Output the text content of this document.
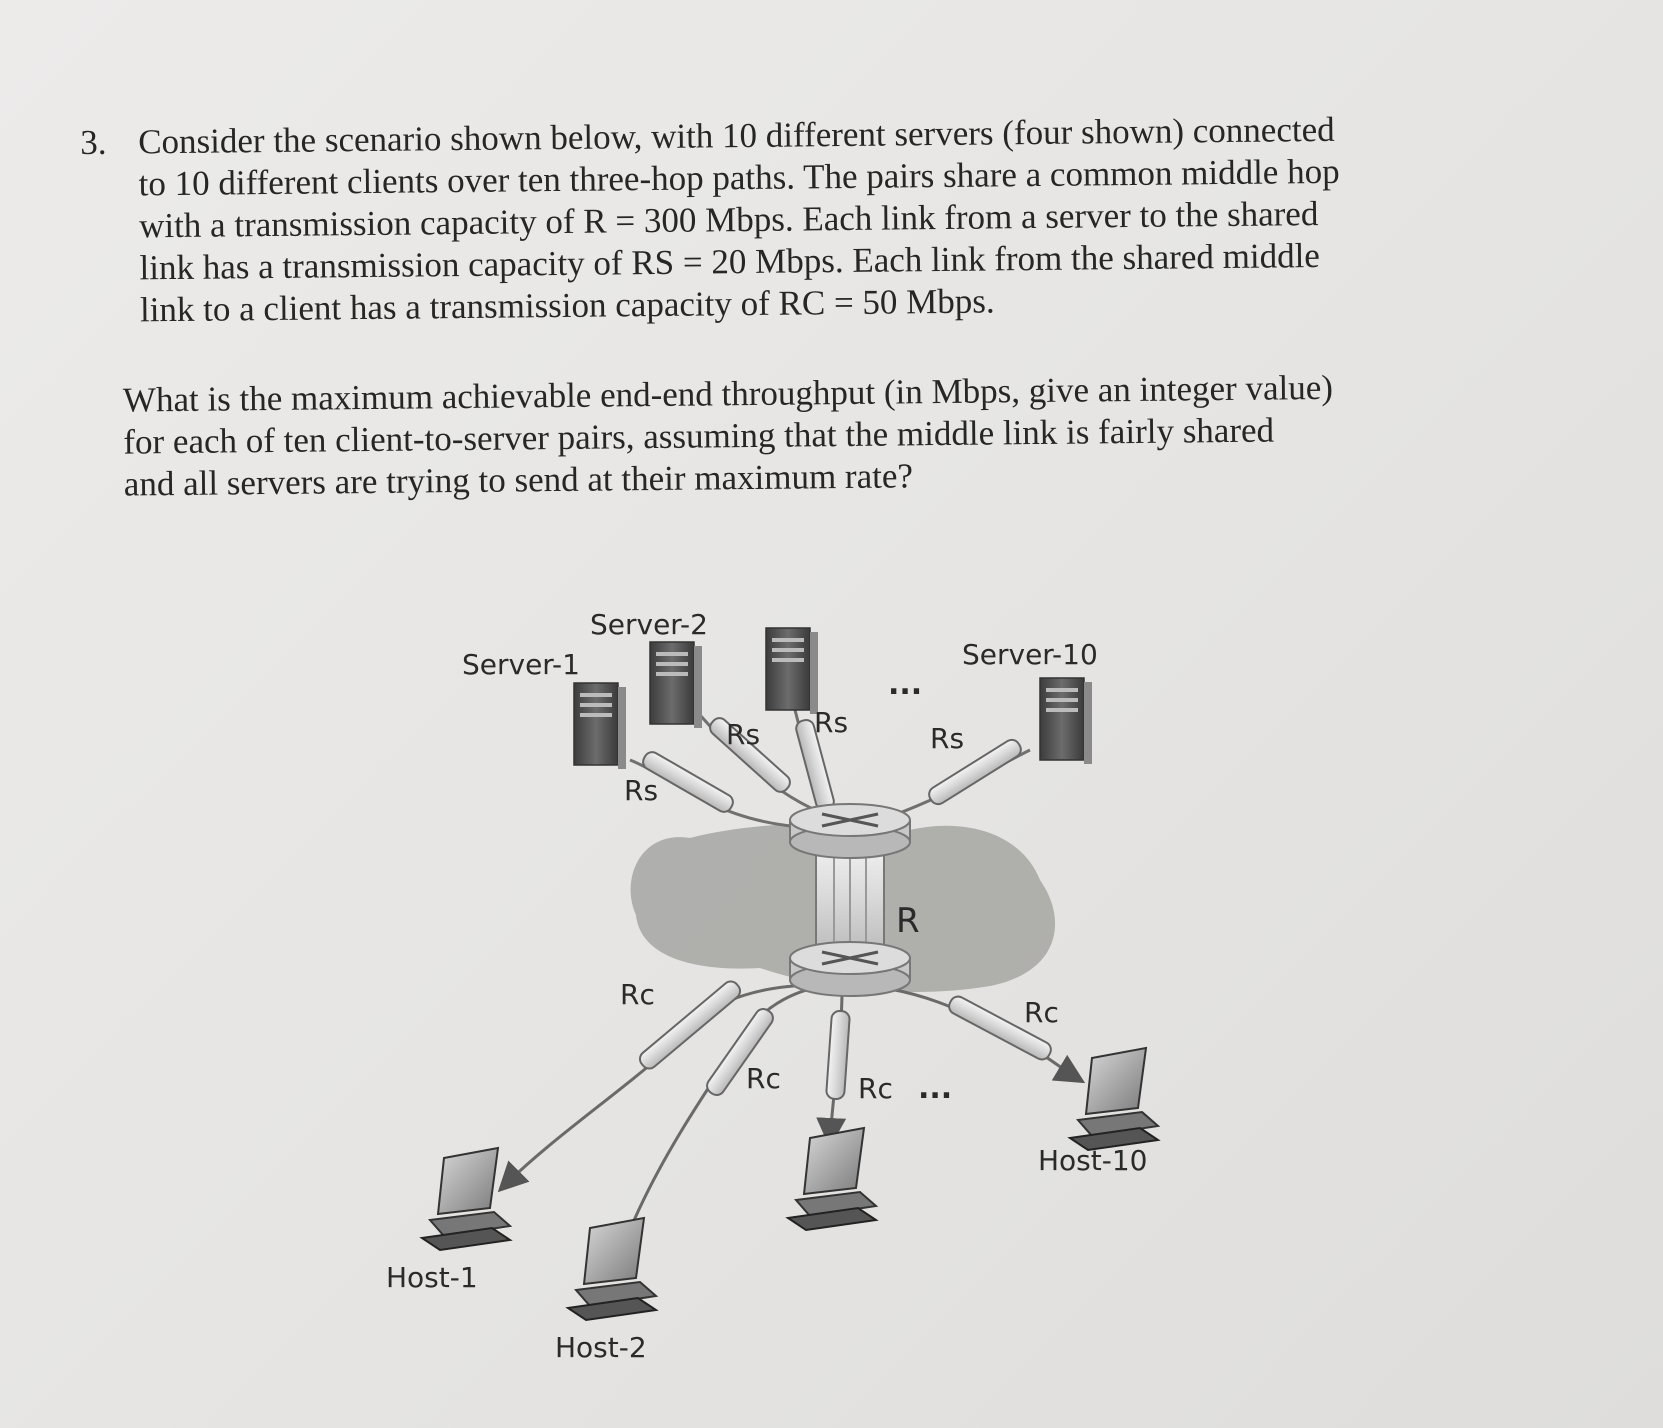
3. Consider the scenario shown below, with 10 different servers (four shown) connected
to 10 different clients over ten three-hop paths. The pairs share a common middle hop
with a transmission capacity of R = 300 Mbps. Each link from a server to the shared
link has a transmission capacity of RS = 20 Mbps. Each link from the shared middle
link to a client has a transmission capacity of RC = 50 Mbps.

What is the maximum achievable end-end throughput (in Mbps, give an integer value)
for each of ten client-to-server pairs, assuming that the middle link is fairly shared
and all servers are trying to send at their maximum rate?

Server-1
Server-2
Server-10
Host-1
Host-2
Host-10
Rs
Rs Rs	Rs
Rc
Rc	Rc
Rc
R
...
...
